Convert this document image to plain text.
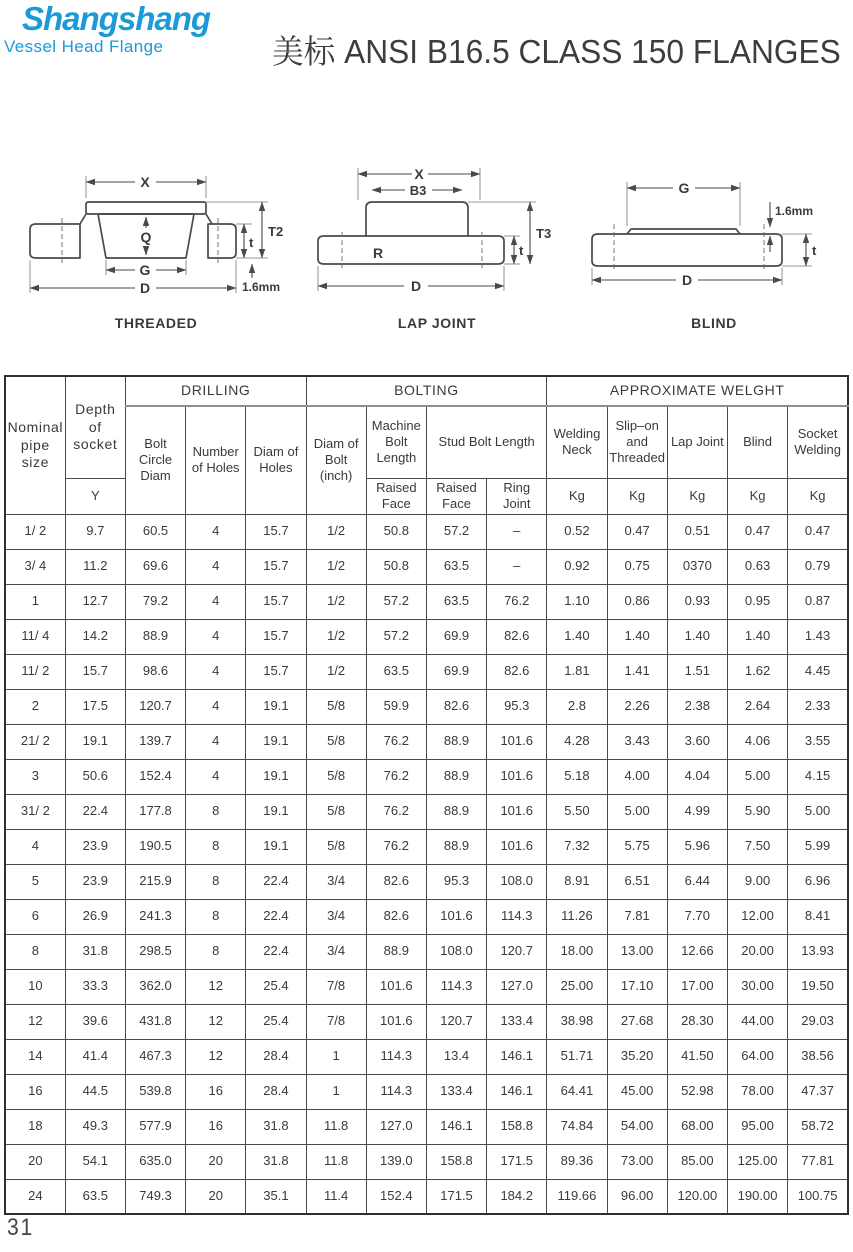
Shangshang
Vessel Head Flange	美标 ANSI B16.5 CLASS 150 FLANGES
X
Q
G
D
t
T2
1.6mm
THREADED
X
B3
R
D
t
T3
LAP JOINT
G
1.6mm
t
D
BLIND
Nominal pipe size	Depth of socket	DRILLING			BOLTING				APPROXIMATE WELGHT				
		Bolt Circle Diam	Number of Holes	Diam of Holes	Diam of Bolt (inch)	Machine Bolt Length	Stud Bolt Length		Welding Neck	Slip–on and Threaded	Lap Joint	Blind	Socket Welding
	Y					Raised Face	Raised Face	Ring Joint	Kg	Kg	Kg	Kg	Kg
1/ 2	9.7	60.5	4	15.7	1/2	50.8	57.2	–	0.52	0.47	0.51	0.47	0.47
3/ 4	11.2	69.6	4	15.7	1/2	50.8	63.5	–	0.92	0.75	0370	0.63	0.79
1	12.7	79.2	4	15.7	1/2	57.2	63.5	76.2	1.10	0.86	0.93	0.95	0.87
11/ 4	14.2	88.9	4	15.7	1/2	57.2	69.9	82.6	1.40	1.40	1.40	1.40	1.43
11/ 2	15.7	98.6	4	15.7	1/2	63.5	69.9	82.6	1.81	1.41	1.51	1.62	4.45
2	17.5	120.7	4	19.1	5/8	59.9	82.6	95.3	2.8	2.26	2.38	2.64	2.33
21/ 2	19.1	139.7	4	19.1	5/8	76.2	88.9	101.6	4.28	3.43	3.60	4.06	3.55
3	50.6	152.4	4	19.1	5/8	76.2	88.9	101.6	5.18	4.00	4.04	5.00	4.15
31/ 2	22.4	177.8	8	19.1	5/8	76.2	88.9	101.6	5.50	5.00	4.99	5.90	5.00
4	23.9	190.5	8	19.1	5/8	76.2	88.9	101.6	7.32	5.75	5.96	7.50	5.99
5	23.9	215.9	8	22.4	3/4	82.6	95.3	108.0	8.91	6.51	6.44	9.00	6.96
6	26.9	241.3	8	22.4	3/4	82.6	101.6	114.3	11.26	7.81	7.70	12.00	8.41
8	31.8	298.5	8	22.4	3/4	88.9	108.0	120.7	18.00	13.00	12.66	20.00	13.93
10	33.3	362.0	12	25.4	7/8	101.6	114.3	127.0	25.00	17.10	17.00	30.00	19.50
12	39.6	431.8	12	25.4	7/8	101.6	120.7	133.4	38.98	27.68	28.30	44.00	29.03
14	41.4	467.3	12	28.4	1	114.3	13.4	146.1	51.71	35.20	41.50	64.00	38.56
16	44.5	539.8	16	28.4	1	114.3	133.4	146.1	64.41	45.00	52.98	78.00	47.37
18	49.3	577.9	16	31.8	11.8	127.0	146.1	158.8	74.84	54.00	68.00	95.00	58.72
20	54.1	635.0	20	31.8	11.8	139.0	158.8	171.5	89.36	73.00	85.00	125.00	77.81
24	63.5	749.3	20	35.1	11.4	152.4	171.5	184.2	119.66	96.00	120.00	190.00	100.75
31
